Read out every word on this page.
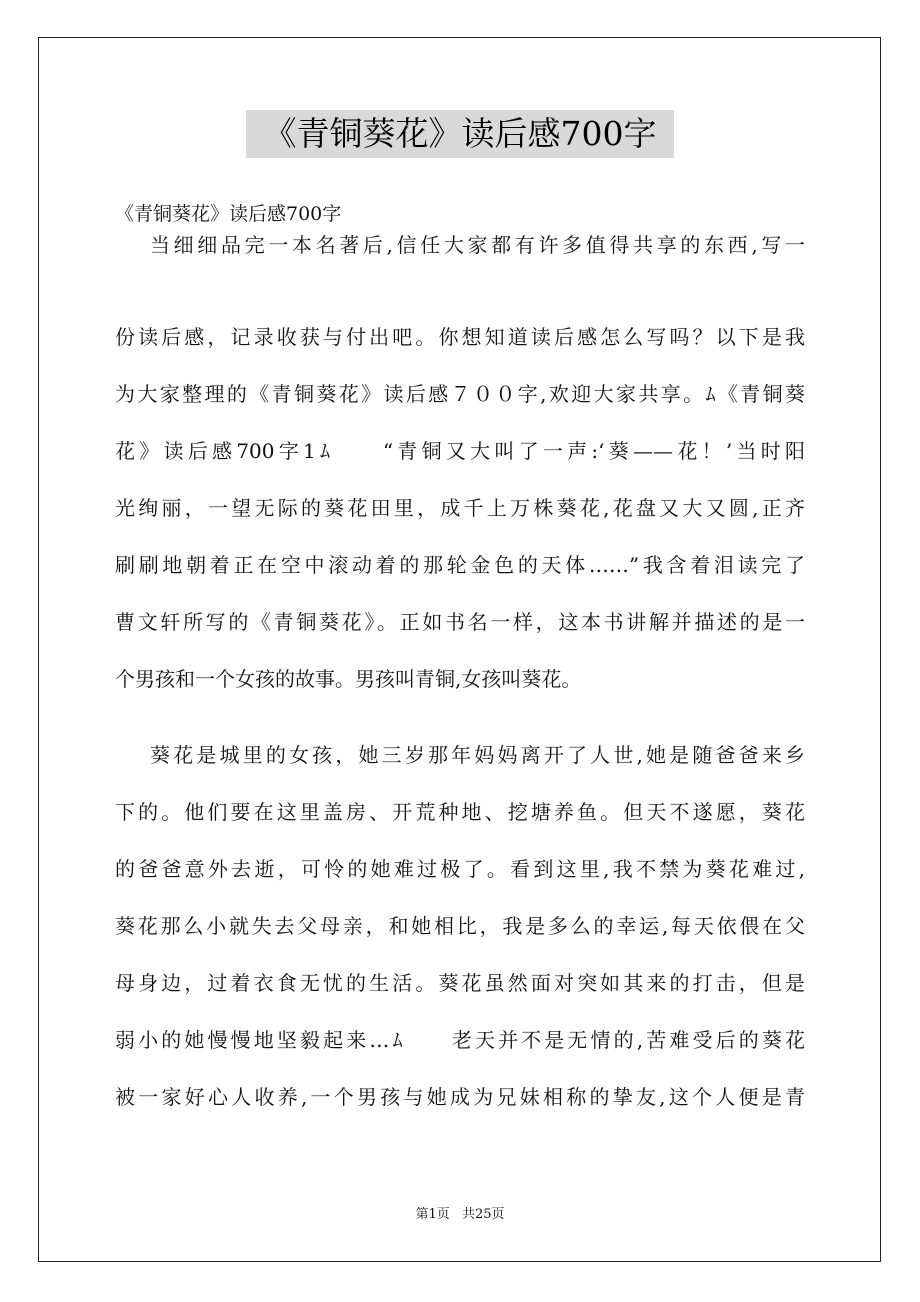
《青铜葵花》读后感700字
《青铜葵花》读后感700字
当细细品完一本名著后,信任大家都有许多值得共享的东西,写一
份读后感，记录收获与付出吧。你想知道读后感怎么写吗？以下是我
为大家整理的《青铜葵花》读后感７００字,欢迎大家共享。ﾑ《青铜葵
花》读后感700字1ﾑ　　“青铜又大叫了一声:‘葵——花！’当时阳
光绚丽，一望无际的葵花田里，成千上万株葵花,花盘又大又圆,正齐
刷刷地朝着正在空中滚动着的那轮金色的天体……”我含着泪读完了
曹文轩所写的《青铜葵花》。正如书名一样，这本书讲解并描述的是一
个男孩和一个女孩的故事。男孩叫青铜,女孩叫葵花。
葵花是城里的女孩，她三岁那年妈妈离开了人世,她是随爸爸来乡
下的。他们要在这里盖房、开荒种地、挖塘养鱼。但天不遂愿，葵花
的爸爸意外去逝，可怜的她难过极了。看到这里,我不禁为葵花难过,
葵花那么小就失去父母亲，和她相比，我是多么的幸运,每天依偎在父
母身边，过着衣食无忧的生活。葵花虽然面对突如其来的打击，但是
弱小的她慢慢地坚毅起来…ﾑ　　老天并不是无情的,苦难受后的葵花
被一家好心人收养,一个男孩与她成为兄妹相称的挚友,这个人便是青
第1页 共25页
